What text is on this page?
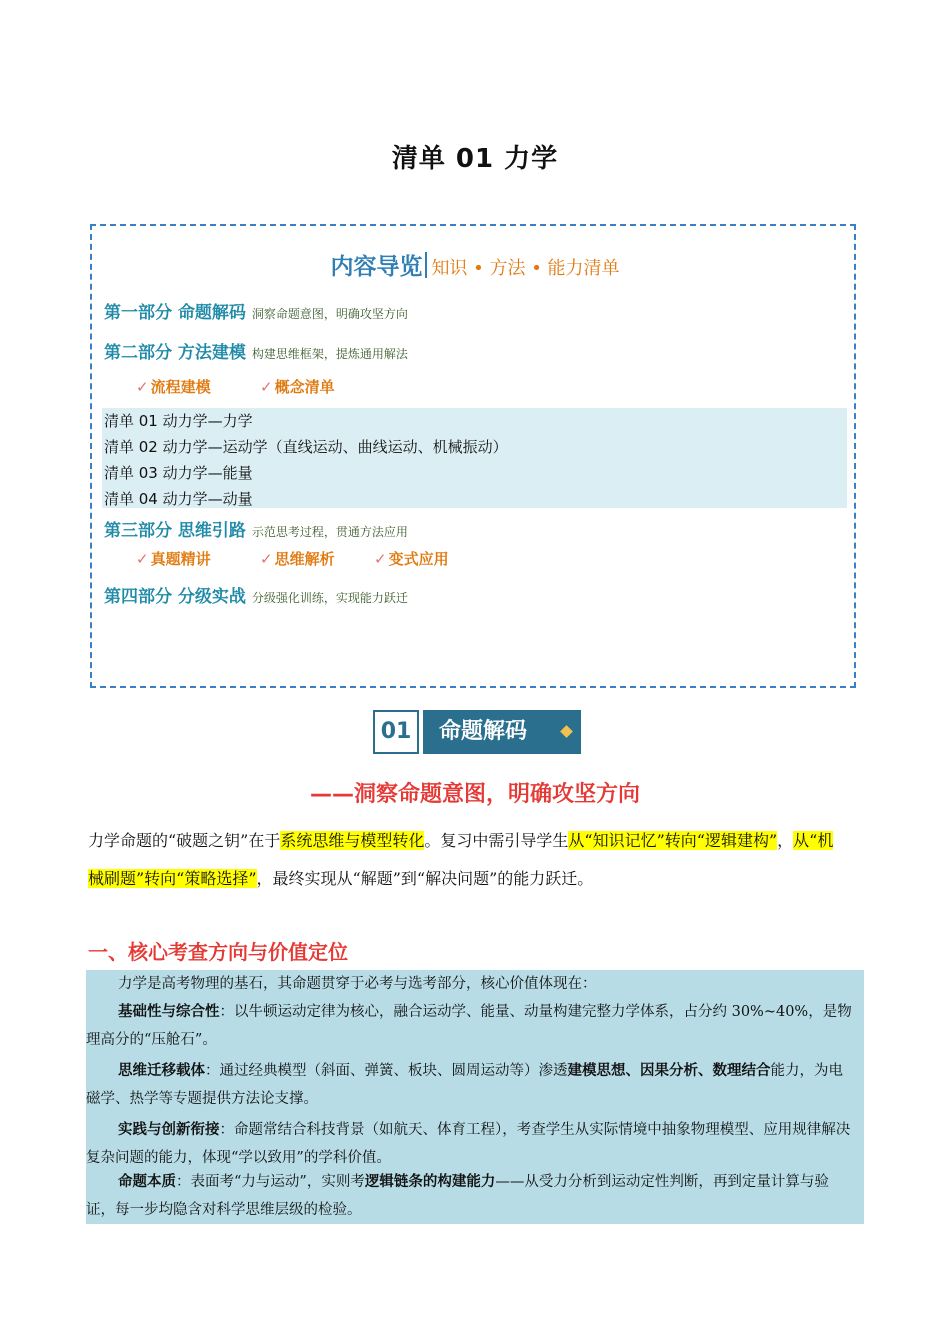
清单 01 力学
内容导览 知识 • 方法 • 能力清单
第一部分 命题解码 洞察命题意图，明确攻坚方向
第二部分 方法建模 构建思维框架，提炼通用解法
✓ 流程建模	✓ 概念清单
清单 01 动力学—力学
清单 02 动力学—运动学（直线运动、曲线运动、机械振动）
清单 03 动力学—能量
清单 04 动力学—动量
第三部分 思维引路 示范思考过程，贯通方法应用
✓ 真题精讲	✓ 思维解析	✓ 变式应用
第四部分 分级实战 分级强化训练，实现能力跃迁
01	命题解码
——洞察命题意图，明确攻坚方向
力学命题的“破题之钥”在于系统思维与模型转化。复习中需引导学生从“知识记忆”转向“逻辑建构”，从“机械刷题”转向“策略选择”，最终实现从“解题”到“解决问题”的能力跃迁。
一、核心考查方向与价值定位
力学是高考物理的基石，其命题贯穿于必考与选考部分，核心价值体现在：
基础性与综合性：以牛顿运动定律为核心，融合运动学、能量、动量构建完整力学体系，占分约 30%~40%，是物理高分的“压舱石”。
思维迁移载体：通过经典模型（斜面、弹簧、板块、圆周运动等）渗透建模思想、因果分析、数理结合能力，为电磁学、热学等专题提供方法论支撑。
实践与创新衔接：命题常结合科技背景（如航天、体育工程），考查学生从实际情境中抽象物理模型、应用规律解决复杂问题的能力，体现“学以致用”的学科价值。
命题本质：表面考“力与运动”，实则考逻辑链条的构建能力——从受力分析到运动定性判断，再到定量计算与验证，每一步均隐含对科学思维层级的检验。
